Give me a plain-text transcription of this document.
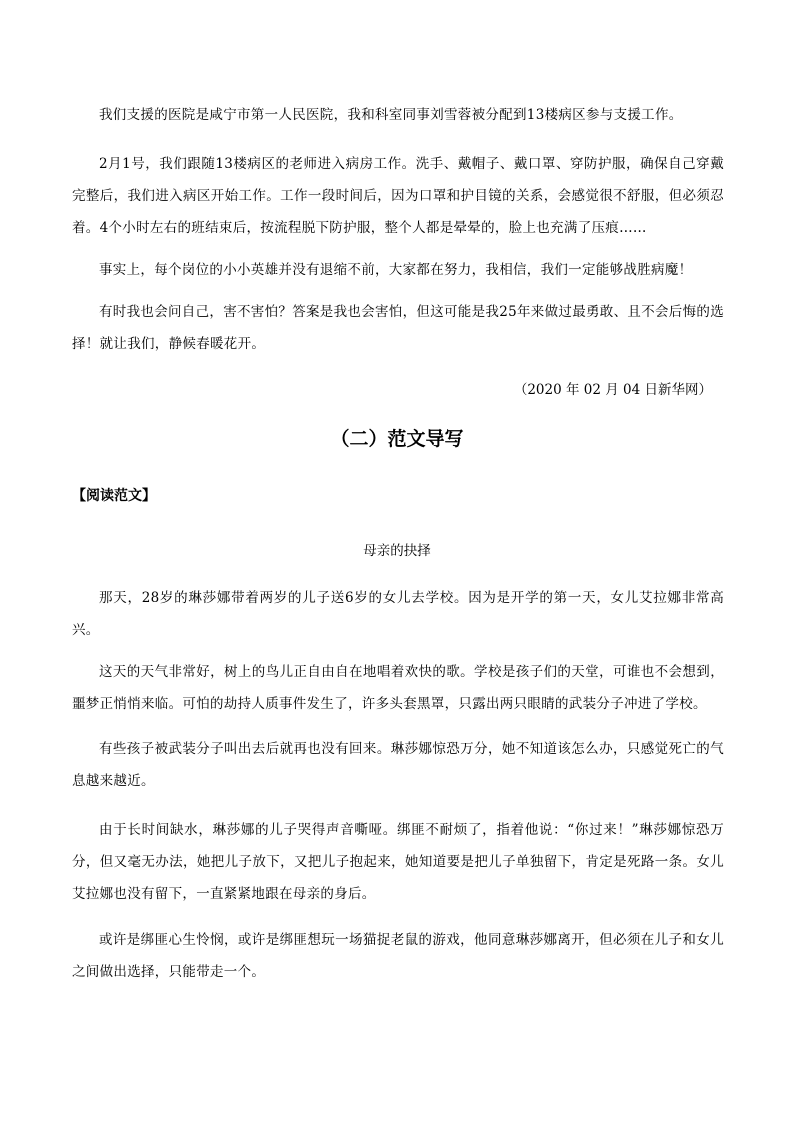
我们支援的医院是咸宁市第一人民医院，我和科室同事刘雪蓉被分配到13楼病区参与支援工作。

2月1号，我们跟随13楼病区的老师进入病房工作。洗手、戴帽子、戴口罩、穿防护服，确保自己穿戴完整后，我们进入病区开始工作。工作一段时间后，因为口罩和护目镜的关系，会感觉很不舒服，但必须忍着。4个小时左右的班结束后，按流程脱下防护服，整个人都是晕晕的，脸上也充满了压痕……

事实上，每个岗位的小小英雄并没有退缩不前，大家都在努力，我相信，我们一定能够战胜病魔！

有时我也会问自己，害不害怕？答案是我也会害怕，但这可能是我25年来做过最勇敢、且不会后悔的选择！就让我们，静候春暖花开。

（2020 年 02 月 04 日新华网）

（二）范文导写

【阅读范文】

母亲的抉择

那天，28岁的琳莎娜带着两岁的儿子送6岁的女儿去学校。因为是开学的第一天，女儿艾拉娜非常高兴。

这天的天气非常好，树上的鸟儿正自由自在地唱着欢快的歌。学校是孩子们的天堂，可谁也不会想到，噩梦正悄悄来临。可怕的劫持人质事件发生了，许多头套黑罩，只露出两只眼睛的武装分子冲进了学校。

有些孩子被武装分子叫出去后就再也没有回来。琳莎娜惊恐万分，她不知道该怎么办，只感觉死亡的气息越来越近。

由于长时间缺水，琳莎娜的儿子哭得声音嘶哑。绑匪不耐烦了，指着他说：“你过来！”琳莎娜惊恐万分，但又毫无办法，她把儿子放下，又把儿子抱起来，她知道要是把儿子单独留下，肯定是死路一条。女儿艾拉娜也没有留下，一直紧紧地跟在母亲的身后。

或许是绑匪心生怜悯，或许是绑匪想玩一场猫捉老鼠的游戏，他同意琳莎娜离开，但必须在儿子和女儿之间做出选择，只能带走一个。
